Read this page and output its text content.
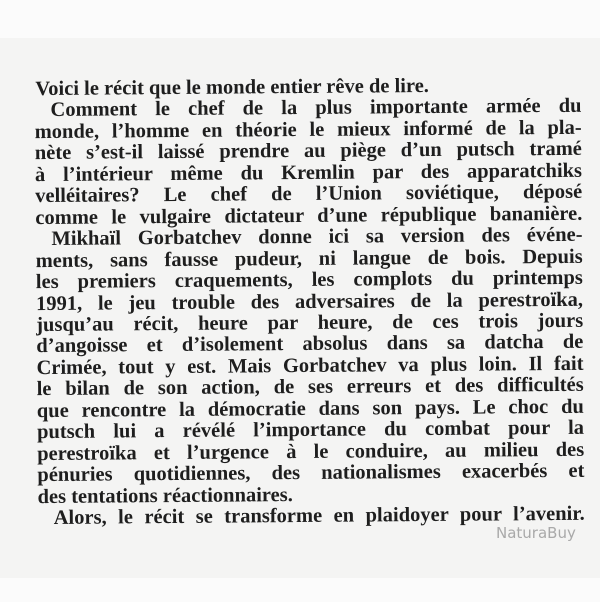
Voici le récit que le monde entier rêve de lire.
Comment le chef de la plus importante armée du
monde, l’homme en théorie le mieux informé de la pla-
nète s’est-il laissé prendre au piège d’un putsch tramé
à l’intérieur même du Kremlin par des apparatchiks
velléitaires? Le chef de l’Union soviétique, déposé
comme le vulgaire dictateur d’une république bananière.
Mikhaïl Gorbatchev donne ici sa version des événe-
ments, sans fausse pudeur, ni langue de bois. Depuis
les premiers craquements, les complots du printemps
1991, le jeu trouble des adversaires de la perestroïka,
jusqu’au récit, heure par heure, de ces trois jours
d’angoisse et d’isolement absolus dans sa datcha de
Crimée, tout y est. Mais Gorbatchev va plus loin. Il fait
le bilan de son action, de ses erreurs et des difficultés
que rencontre la démocratie dans son pays. Le choc du
putsch lui a révélé l’importance du combat pour la
perestroïka et l’urgence à le conduire, au milieu des
pénuries quotidiennes, des nationalismes exacerbés et
des tentations réactionnaires.
Alors, le récit se transforme en plaidoyer pour l’avenir.
NaturaBuy
